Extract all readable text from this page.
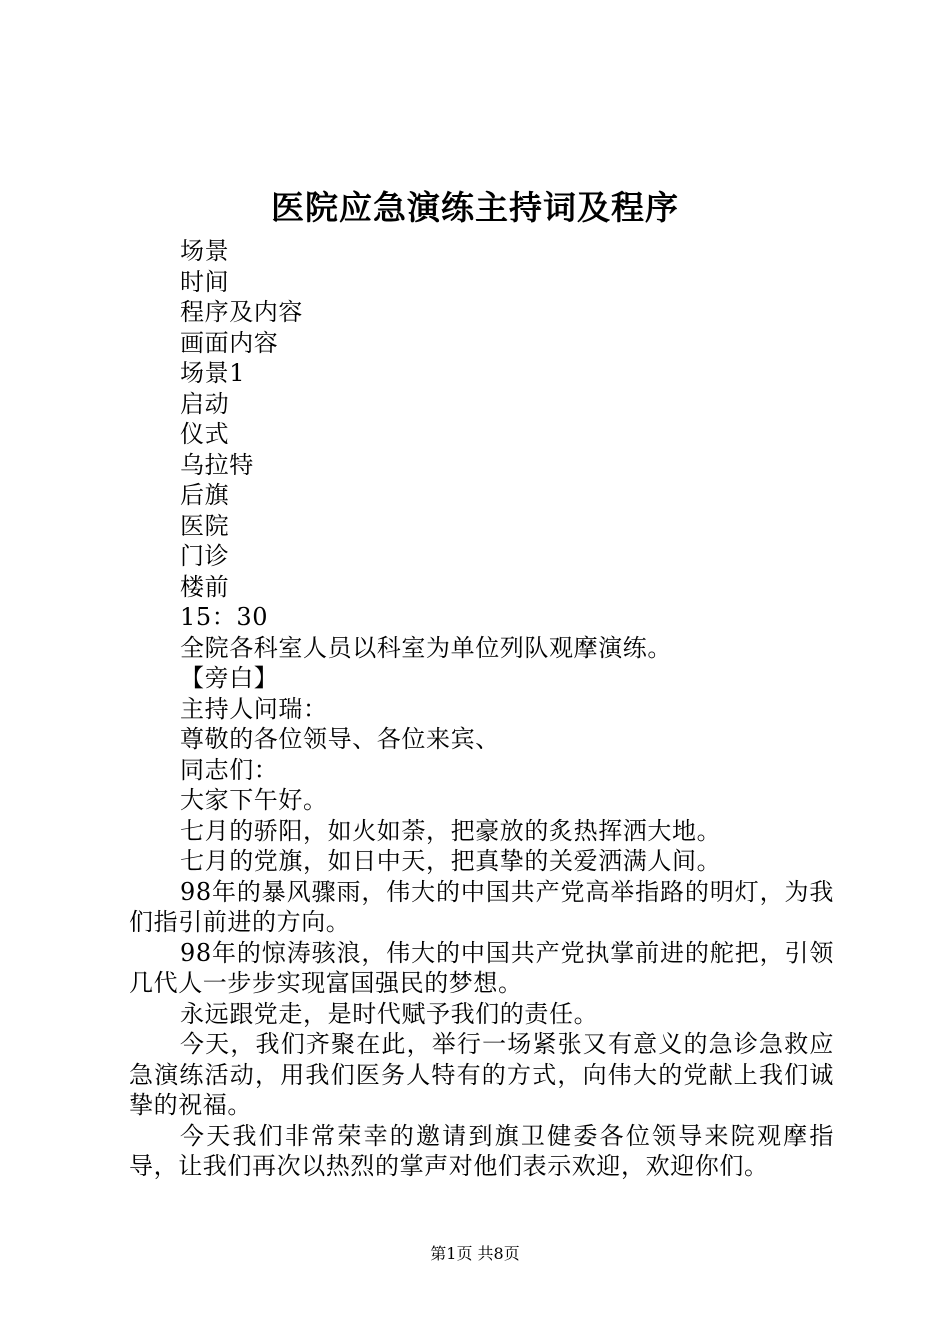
医院应急演练主持词及程序

场景

时间

程序及内容

画面内容

场景1

启动

仪式

乌拉特

后旗

医院

门诊

楼前

15：30

全院各科室人员以科室为单位列队观摩演练。

【旁白】

主持人问瑞：

尊敬的各位领导、各位来宾、

同志们：

大家下午好。

七月的骄阳，如火如荼，把豪放的炙热挥洒大地。

七月的党旗，如日中天，把真挚的关爱洒满人间。

98年的暴风骤雨，伟大的中国共产党高举指路的明灯，为我们指引前进的方向。

98年的惊涛骇浪，伟大的中国共产党执掌前进的舵把，引领几代人一步步实现富国强民的梦想。

永远跟党走，是时代赋予我们的责任。

今天，我们齐聚在此，举行一场紧张又有意义的急诊急救应急演练活动，用我们医务人特有的方式，向伟大的党献上我们诚挚的祝福。

今天我们非常荣幸的邀请到旗卫健委各位领导来院观摩指导，让我们再次以热烈的掌声对他们表示欢迎，欢迎你们。

第1页 共8页
